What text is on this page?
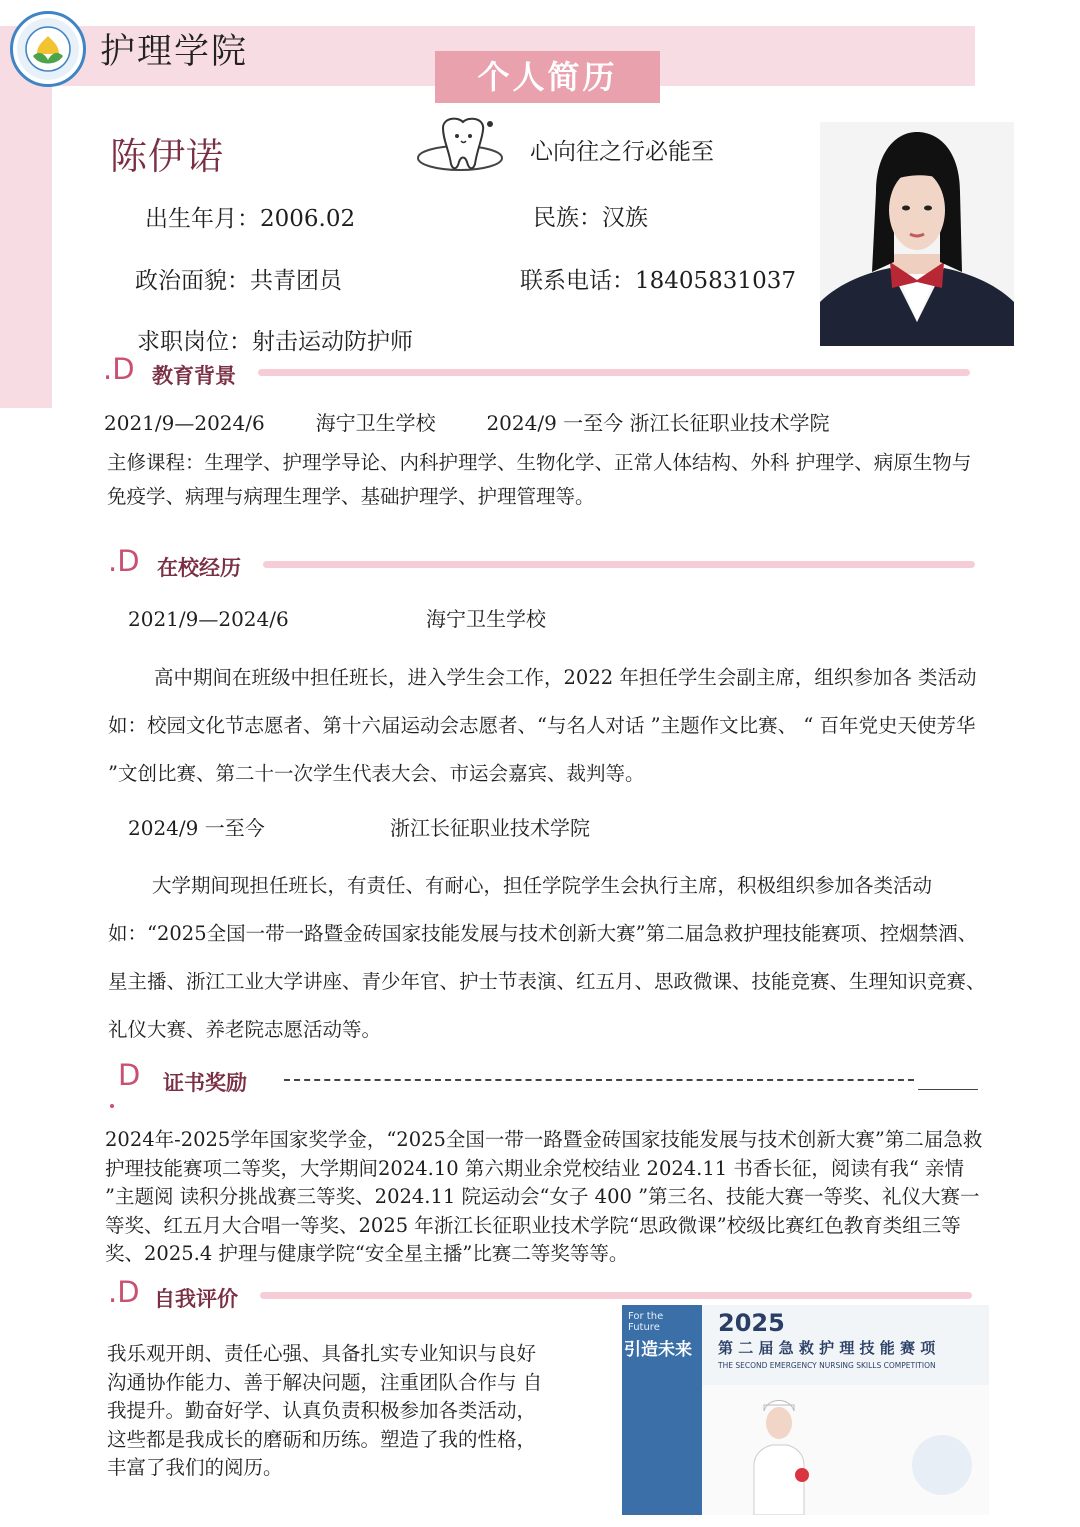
护理学院
个人简历
陈伊诺	心向往之行必能至
出生年月：2006.02	民族：汉族
政治面貌：共青团员	联系电话：18405831037
求职岗位：射击运动防护师
.D 教育背景
2021/9—2024/6        海宁卫生学校        2024/9 一至今 浙江长征职业技术学院
主修课程：生理学、护理学导论、内科护理学、生物化学、正常人体结构、外科 护理学、病原生物与免疫学、病理与病理生理学、基础护理学、护理管理等。
.D 在校经历
2021/9—2024/6	海宁卫生学校
高中期间在班级中担任班长，进入学生会工作，2022 年担任学生会副主席，组织参加各 类活动如：校园文化节志愿者、第十六届运动会志愿者、“与名人对话 ”主题作文比赛、 “ 百年党史天使芳华 ”文创比赛、第二十一次学生代表大会、市运会嘉宾、裁判等。
2024/9 一至今	浙江长征职业技术学院
大学期间现担任班长，有责任、有耐心，担任学院学生会执行主席，积极组织参加各类活动如：“2025全国一带一路暨金砖国家技能发展与技术创新大赛”第二届急救护理技能赛项、控烟禁酒、星主播、浙江工业大学讲座、青少年官、护士节表演、红五月、思政微课、技能竞赛、生理知识竞赛、礼仪大赛、养老院志愿活动等。
D 证书奖励
2024年-2025学年国家奖学金，“2025全国一带一路暨金砖国家技能发展与技术创新大赛”第二届急救护理技能赛项二等奖，大学期间2024.10 第六期业余党校结业 2024.11 书香长征，阅读有我“ 亲情 ”主题阅 读积分挑战赛三等奖、2024.11 院运动会“女子 400 ”第三名、技能大赛一等奖、礼仪大赛一等奖、红五月大合唱一等奖、2025 年浙江长征职业技术学院“思政微课”校级比赛红色教育类组三等奖、2025.4 护理与健康学院“安全星主播”比赛二等奖等等。
.D 自我评价
我乐观开朗、责任心强、具备扎实专业知识与良好沟通协作能力、善于解决问题，注重团队合作与 自我提升。勤奋好学、认真负责积极参加各类活动，这些都是我成长的磨砺和历练。塑造了我的性格，丰富了我们的阅历。
For the Future
引造未来
2025
第 二 届 急 救 护 理 技 能 赛 项
THE SECOND EMERGENCY NURSING SKILLS COMPETITION
